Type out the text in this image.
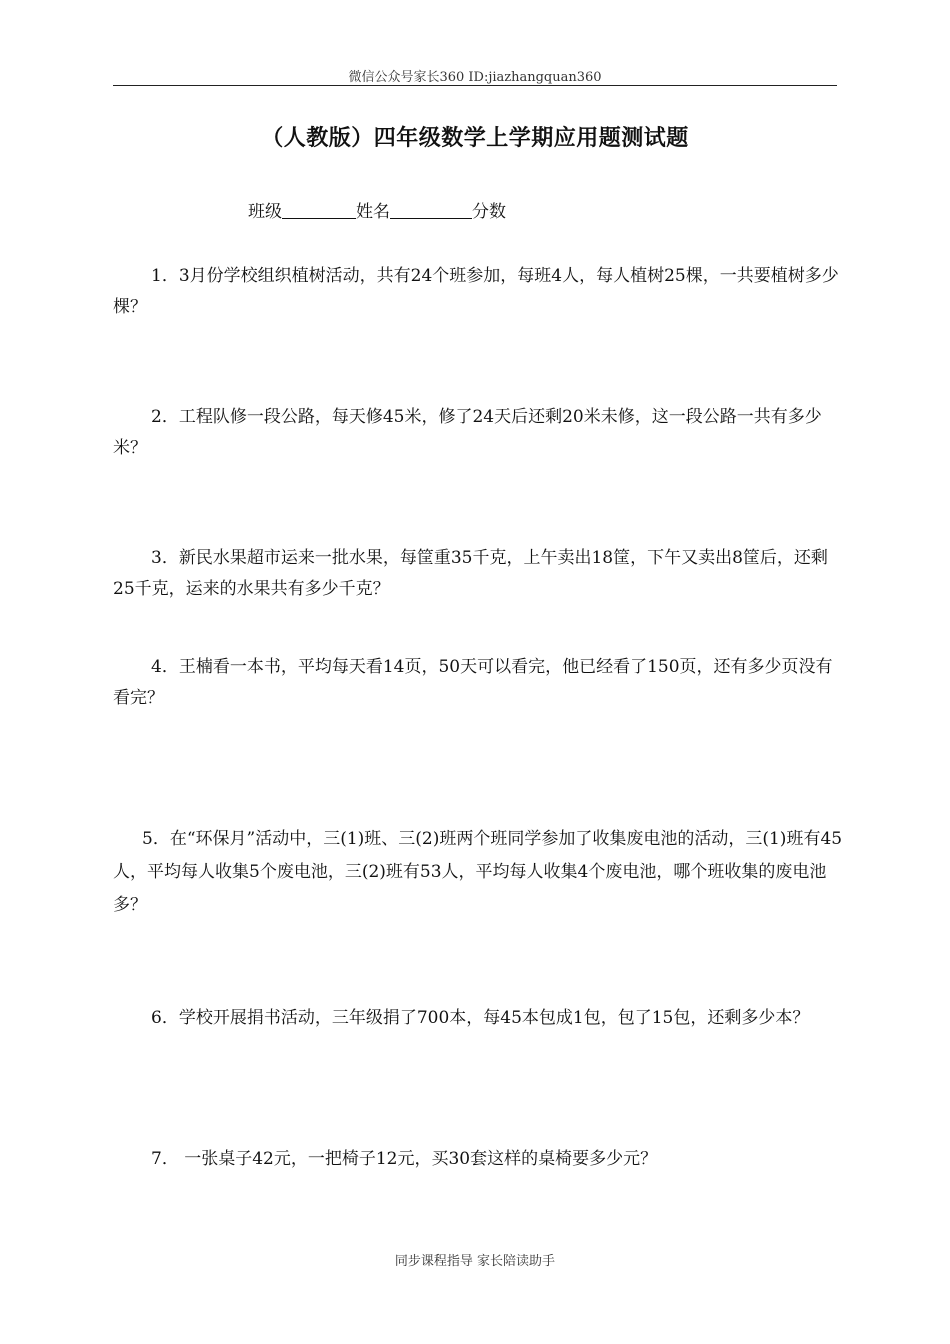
微信公众号家长360 ID:jiazhangquan360
（人教版）四年级数学上学期应用题测试题
班级	姓名	分数
1．3月份学校组织植树活动，共有24个班参加，每班4人，每人植树25棵，一共要植树多少棵？
2．工程队修一段公路，每天修45米，修了24天后还剩20米未修，这一段公路一共有多少米？
3．新民水果超市运来一批水果，每筐重35千克，上午卖出18筐，下午又卖出8筐后，还剩25千克，运来的水果共有多少千克？
4．王楠看一本书，平均每天看14页，50天可以看完，他已经看了150页，还有多少页没有看完？
5．在“环保月”活动中，三(1)班、三(2)班两个班同学参加了收集废电池的活动，三(1)班有45人，平均每人收集5个废电池，三(2)班有53人，平均每人收集4个废电池，哪个班收集的废电池多？
6．学校开展捐书活动，三年级捐了700本，每45本包成1包，包了15包，还剩多少本？
7． 一张桌子42元，一把椅子12元，买30套这样的桌椅要多少元？
同步课程指导 家长陪读助手
